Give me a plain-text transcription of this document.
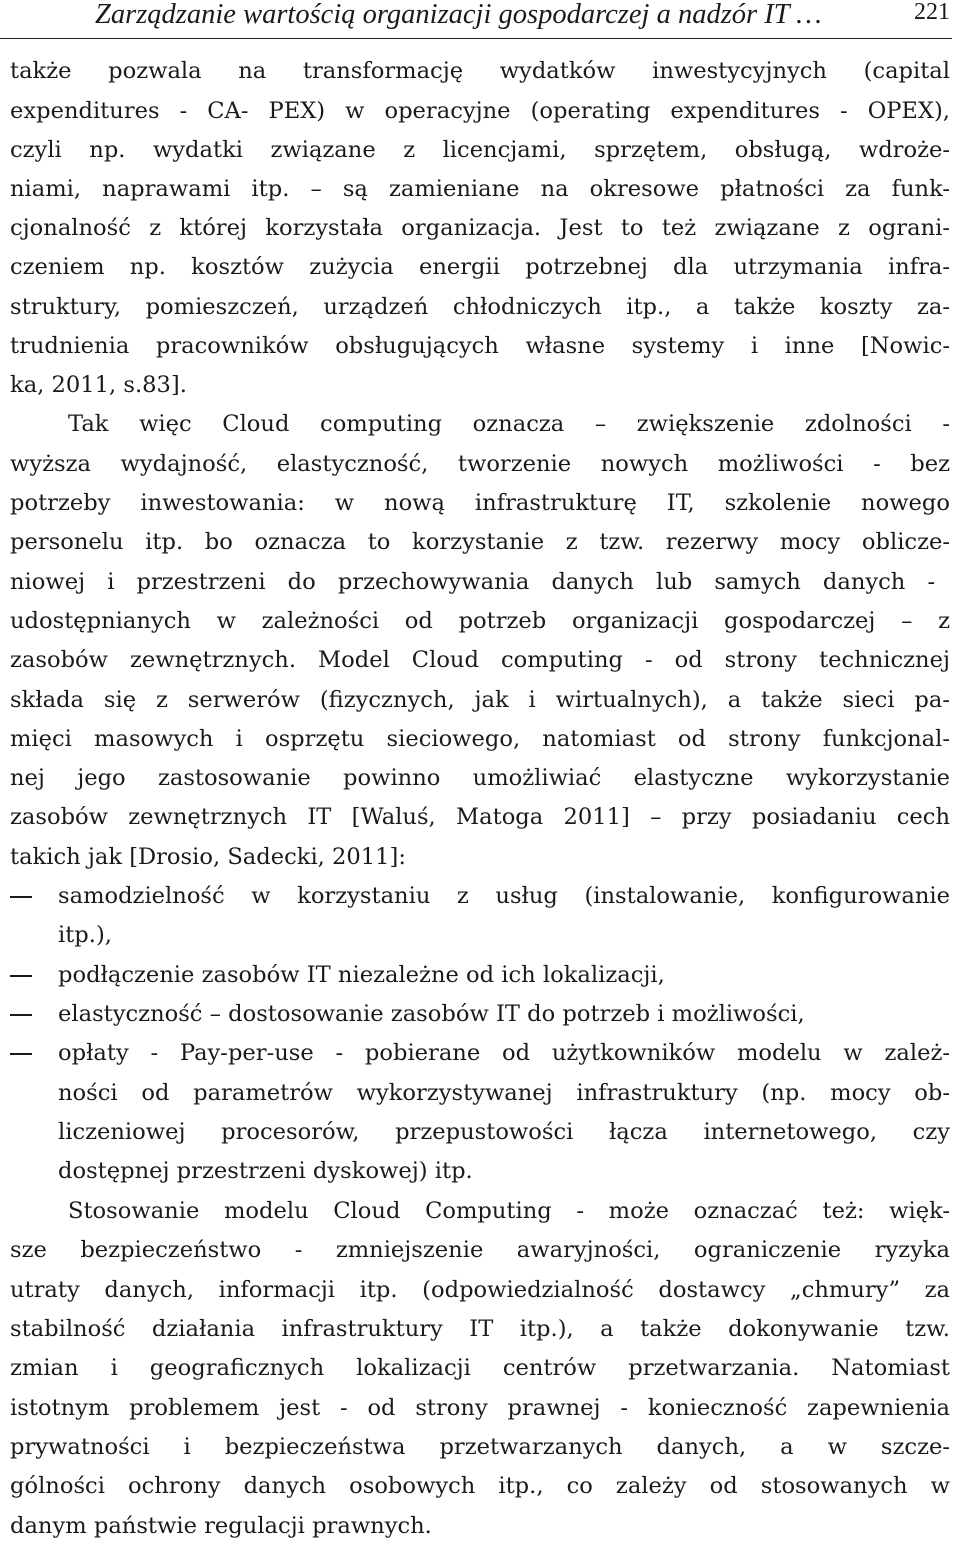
Zarządzanie wartością organizacji gospodarczej a nadzór IT …	221
także pozwala na transformację wydatków inwestycyjnych (capital
expenditures - CA- PEX) w operacyjne (operating expenditures - OPEX),
czyli np. wydatki związane z licencjami, sprzętem, obsługą, wdroże-
niami, naprawami itp. – są zamieniane na okresowe płatności za funk-
cjonalność z której korzystała organizacja. Jest to też związane z ograni-
czeniem np. kosztów zużycia energii potrzebnej dla utrzymania infra-
struktury, pomieszczeń, urządzeń chłodniczych itp., a także koszty za-
trudnienia pracowników obsługujących własne systemy i inne [Nowic-
ka, 2011, s.83].
Tak więc Cloud computing oznacza – zwiększenie zdolności -
wyższa wydajność, elastyczność, tworzenie nowych możliwości - bez
potrzeby inwestowania: w nową infrastrukturę IT, szkolenie nowego
personelu itp. bo oznacza to korzystanie z tzw. rezerwy mocy oblicze-
niowej i przestrzeni do przechowywania danych lub samych danych -
udostępnianych w zależności od potrzeb organizacji gospodarczej – z
zasobów zewnętrznych. Model Cloud computing - od strony technicznej
składa się z serwerów (fizycznych, jak i wirtualnych), a także sieci pa-
mięci masowych i osprzętu sieciowego, natomiast od strony funkcjonal-
nej jego zastosowanie powinno umożliwiać elastyczne wykorzystanie
zasobów zewnętrznych IT [Waluś, Matoga 2011] – przy posiadaniu cech
takich jak [Drosio, Sadecki, 2011]:
samodzielność w korzystaniu z usług (instalowanie, konfigurowanie
itp.),
podłączenie zasobów IT niezależne od ich lokalizacji,
elastyczność – dostosowanie zasobów IT do potrzeb i możliwości,
opłaty - Pay-per-use - pobierane od użytkowników modelu w zależ-
ności od parametrów wykorzystywanej infrastruktury (np. mocy ob-
liczeniowej procesorów, przepustowości łącza internetowego, czy
dostępnej przestrzeni dyskowej) itp.
Stosowanie modelu Cloud Computing - może oznaczać też: więk-
sze bezpieczeństwo - zmniejszenie awaryjności, ograniczenie ryzyka
utraty danych, informacji itp. (odpowiedzialność dostawcy „chmury” za
stabilność działania infrastruktury IT itp.), a także dokonywanie tzw.
zmian i geograficznych lokalizacji centrów przetwarzania. Natomiast
istotnym problemem jest - od strony prawnej - konieczność zapewnienia
prywatności i bezpieczeństwa przetwarzanych danych, a w szcze-
gólności ochrony danych osobowych itp., co zależy od stosowanych w
danym państwie regulacji prawnych.
